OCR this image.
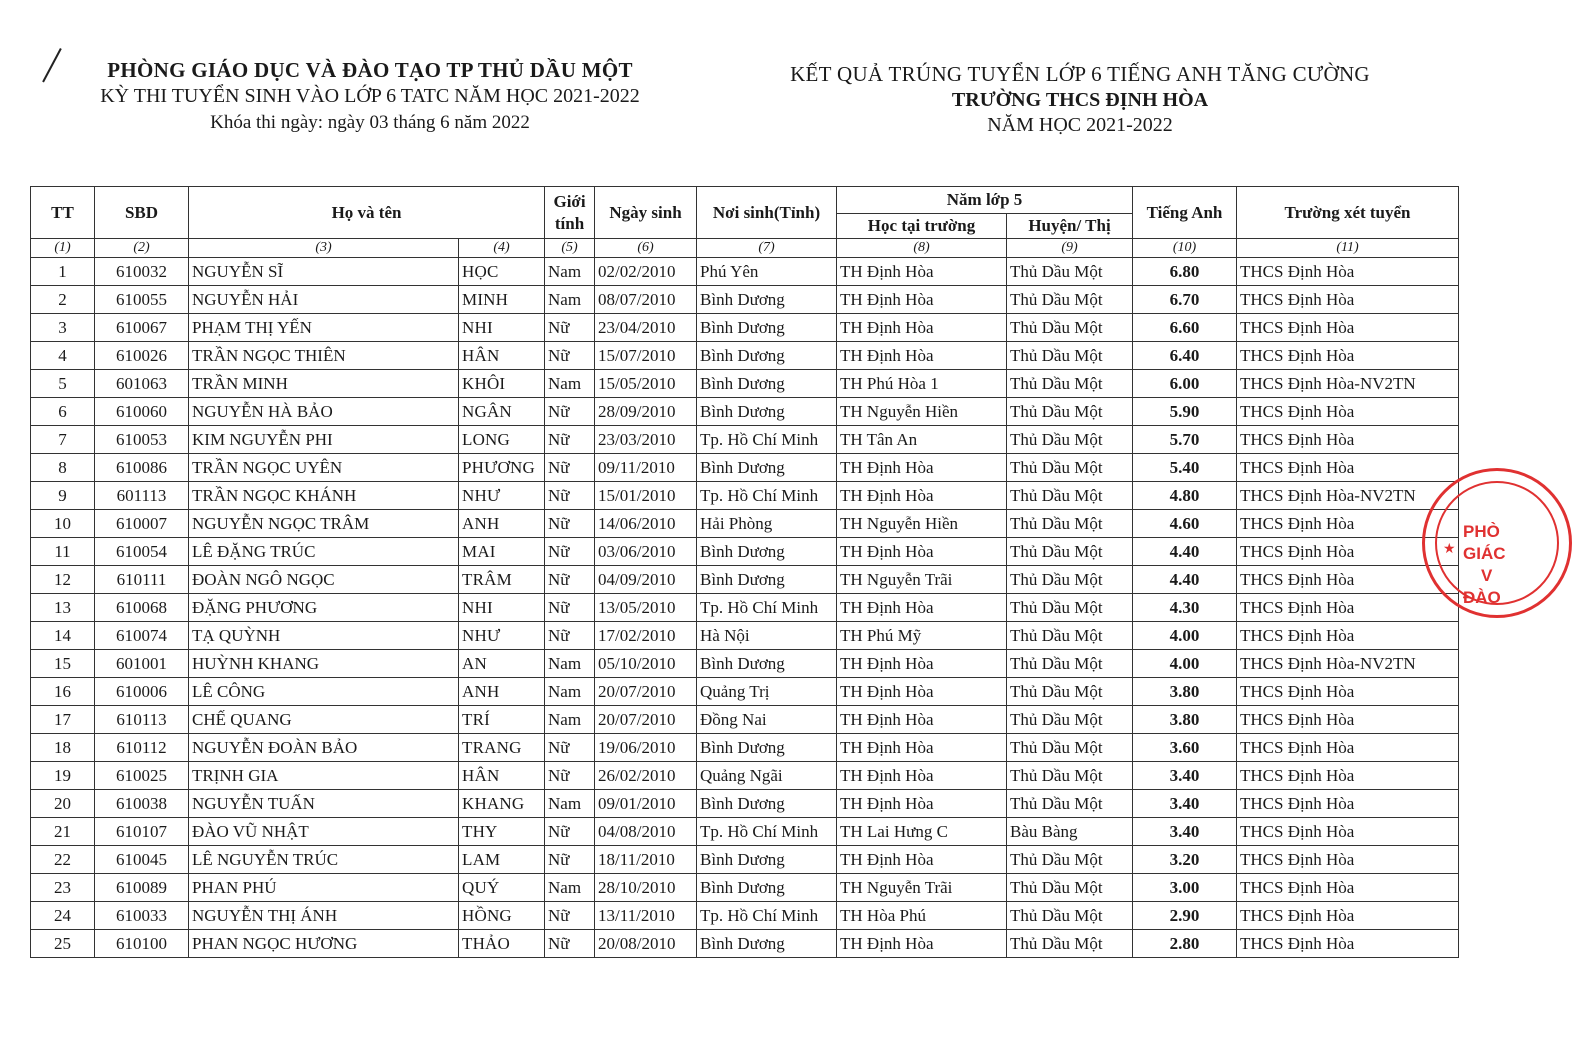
PHÒNG GIÁO DỤC VÀ ĐÀO TẠO TP THỦ DẦU MỘT
KỲ THI TUYỂN SINH VÀO LỚP 6 TATC NĂM HỌC 2021-2022
Khóa thi ngày: ngày 03 tháng 6 năm 2022
KẾT QUẢ TRÚNG TUYỂN LỚP 6 TIẾNG ANH TĂNG CƯỜNG
TRƯỜNG THCS ĐỊNH HÒA
NĂM HỌC 2021-2022
TT	SBD	Họ và tên		Giới tính	Ngày sinh	Nơi sinh(Tỉnh)	Năm lớp 5		Tiếng Anh	Trường xét tuyển
							Học tại trường	Huyện/ Thị		
(1)	(2)	(3)	(4)	(5)	(6)	(7)	(8)	(9)	(10)	(11)
1	610032	NGUYỄN SĨ	HỌC	Nam	02/02/2010	Phú Yên	TH Định Hòa	Thủ Dầu Một	6.80	THCS Định Hòa
2	610055	NGUYỄN HẢI	MINH	Nam	08/07/2010	Bình Dương	TH Định Hòa	Thủ Dầu Một	6.70	THCS Định Hòa
3	610067	PHẠM THỊ YẾN	NHI	Nữ	23/04/2010	Bình Dương	TH Định Hòa	Thủ Dầu Một	6.60	THCS Định Hòa
4	610026	TRẦN NGỌC THIÊN	HÂN	Nữ	15/07/2010	Bình Dương	TH Định Hòa	Thủ Dầu Một	6.40	THCS Định Hòa
5	601063	TRẦN MINH	KHÔI	Nam	15/05/2010	Bình Dương	TH Phú Hòa 1	Thủ Dầu Một	6.00	THCS Định Hòa-NV2TN
6	610060	NGUYỄN HÀ BẢO	NGÂN	Nữ	28/09/2010	Bình Dương	TH Nguyễn Hiền	Thủ Dầu Một	5.90	THCS Định Hòa
7	610053	KIM NGUYỄN PHI	LONG	Nữ	23/03/2010	Tp. Hồ Chí Minh	TH Tân An	Thủ Dầu Một	5.70	THCS Định Hòa
8	610086	TRẦN NGỌC UYÊN	PHƯƠNG	Nữ	09/11/2010	Bình Dương	TH Định Hòa	Thủ Dầu Một	5.40	THCS Định Hòa
9	601113	TRẦN NGỌC KHÁNH	NHƯ	Nữ	15/01/2010	Tp. Hồ Chí Minh	TH Định Hòa	Thủ Dầu Một	4.80	THCS Định Hòa-NV2TN
10	610007	NGUYỄN NGỌC TRÂM	ANH	Nữ	14/06/2010	Hải Phòng	TH Nguyễn Hiền	Thủ Dầu Một	4.60	THCS Định Hòa
11	610054	LÊ ĐẶNG TRÚC	MAI	Nữ	03/06/2010	Bình Dương	TH Định Hòa	Thủ Dầu Một	4.40	THCS Định Hòa
12	610111	ĐOÀN NGÔ NGỌC	TRÂM	Nữ	04/09/2010	Bình Dương	TH Nguyễn Trãi	Thủ Dầu Một	4.40	THCS Định Hòa
13	610068	ĐẶNG PHƯƠNG	NHI	Nữ	13/05/2010	Tp. Hồ Chí Minh	TH Định Hòa	Thủ Dầu Một	4.30	THCS Định Hòa
14	610074	TẠ QUỲNH	NHƯ	Nữ	17/02/2010	Hà Nội	TH Phú Mỹ	Thủ Dầu Một	4.00	THCS Định Hòa
15	601001	HUỲNH KHANG	AN	Nam	05/10/2010	Bình Dương	TH Định Hòa	Thủ Dầu Một	4.00	THCS Định Hòa-NV2TN
16	610006	LÊ CÔNG	ANH	Nam	20/07/2010	Quảng Trị	TH Định Hòa	Thủ Dầu Một	3.80	THCS Định Hòa
17	610113	CHẾ QUANG	TRÍ	Nam	20/07/2010	Đồng Nai	TH Định Hòa	Thủ Dầu Một	3.80	THCS Định Hòa
18	610112	NGUYỄN ĐOÀN BẢO	TRANG	Nữ	19/06/2010	Bình Dương	TH Định Hòa	Thủ Dầu Một	3.60	THCS Định Hòa
19	610025	TRỊNH GIA	HÂN	Nữ	26/02/2010	Quảng Ngãi	TH Định Hòa	Thủ Dầu Một	3.40	THCS Định Hòa
20	610038	NGUYỄN TUẤN	KHANG	Nam	09/01/2010	Bình Dương	TH Định Hòa	Thủ Dầu Một	3.40	THCS Định Hòa
21	610107	ĐÀO VŨ NHẬT	THY	Nữ	04/08/2010	Tp. Hồ Chí Minh	TH Lai Hưng C	Bàu Bàng	3.40	THCS Định Hòa
22	610045	LÊ NGUYỄN TRÚC	LAM	Nữ	18/11/2010	Bình Dương	TH Định Hòa	Thủ Dầu Một	3.20	THCS Định Hòa
23	610089	PHAN PHÚ	QUÝ	Nam	28/10/2010	Bình Dương	TH Nguyễn Trãi	Thủ Dầu Một	3.00	THCS Định Hòa
24	610033	NGUYỄN THỊ ÁNH	HỒNG	Nữ	13/11/2010	Tp. Hồ Chí Minh	TH Hòa Phú	Thủ Dầu Một	2.90	THCS Định Hòa
25	610100	PHAN NGỌC HƯƠNG	THẢO	Nữ	20/08/2010	Bình Dương	TH Định Hòa	Thủ Dầu Một	2.80	THCS Định Hòa
★
PHÒ
GIÁC
V
ĐÀO
